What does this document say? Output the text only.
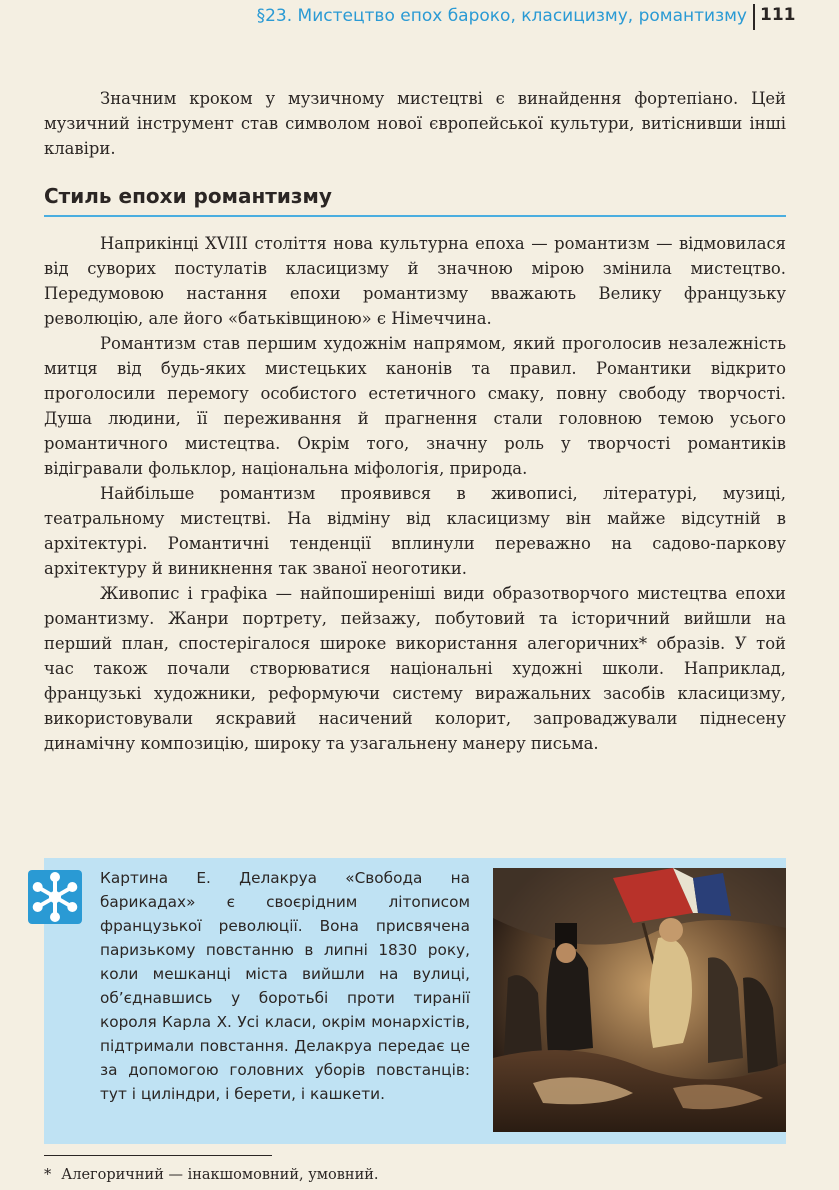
§23. Мистецтво епох бароко, класицизму, романтизму 111

Значним кроком у музичному мистецтві є винайдення фортепіано. Цей музичний інструмент став символом нової європейської культури, витіснивши інші клавіри.

Стиль епохи романтизму

Наприкінці XVIII століття нова культурна епоха — романтизм — відмовилася від суворих постулатів класицизму й значною мірою змінила мистецтво. Передумовою настання епохи романтизму вважають Велику французьку революцію, але його «батьківщиною» є Німеччина.

Романтизм став першим художнім напрямом, який проголосив незалежність митця від будь-яких мистецьких канонів та правил. Романтики відкрито проголосили перемогу особистого естетичного смаку, повну свободу творчості. Душа людини, її переживання й прагнення стали головною темою усього романтичного мистецтва. Окрім того, значну роль у творчості романтиків відігравали фольклор, національна міфологія, природа.

Найбільше романтизм проявився в живописі, літературі, музиці, театральному мистецтві. На відміну від класицизму він майже відсутній в архітектурі. Романтичні тенденції вплинули переважно на садово-паркову архітектуру й виникнення так званої неоготики.

Живопис і графіка — найпоширеніші види образотворчого мистецтва епохи романтизму. Жанри портрету, пейзажу, побутовий та історичний вийшли на перший план, спостерігалося широке використання алегоричних* образів. У той час також почали створюватися національні художні школи. Наприклад, французькі художники, реформуючи систему виражальних засобів класицизму, використовували яскравий насичений колорит, запроваджували піднесену динамічну композицію, широку та узагальнену манеру письма.

Картина Е. Делакруа «Свобода на барикадах» є своєрідним літописом французької революції. Вона присвячена паризькому повстанню в липні 1830 року, коли мешканці міста вийшли на вулиці, об’єднавшись у боротьбі проти тиранії короля Карла X. Усі класи, окрім монархістів, підтримали повстання. Делакруа передає це за допомогою головних уборів повстанців: тут і циліндри, і берети, і кашкети.
* Алегоричний — інакшомовний, умовний.
